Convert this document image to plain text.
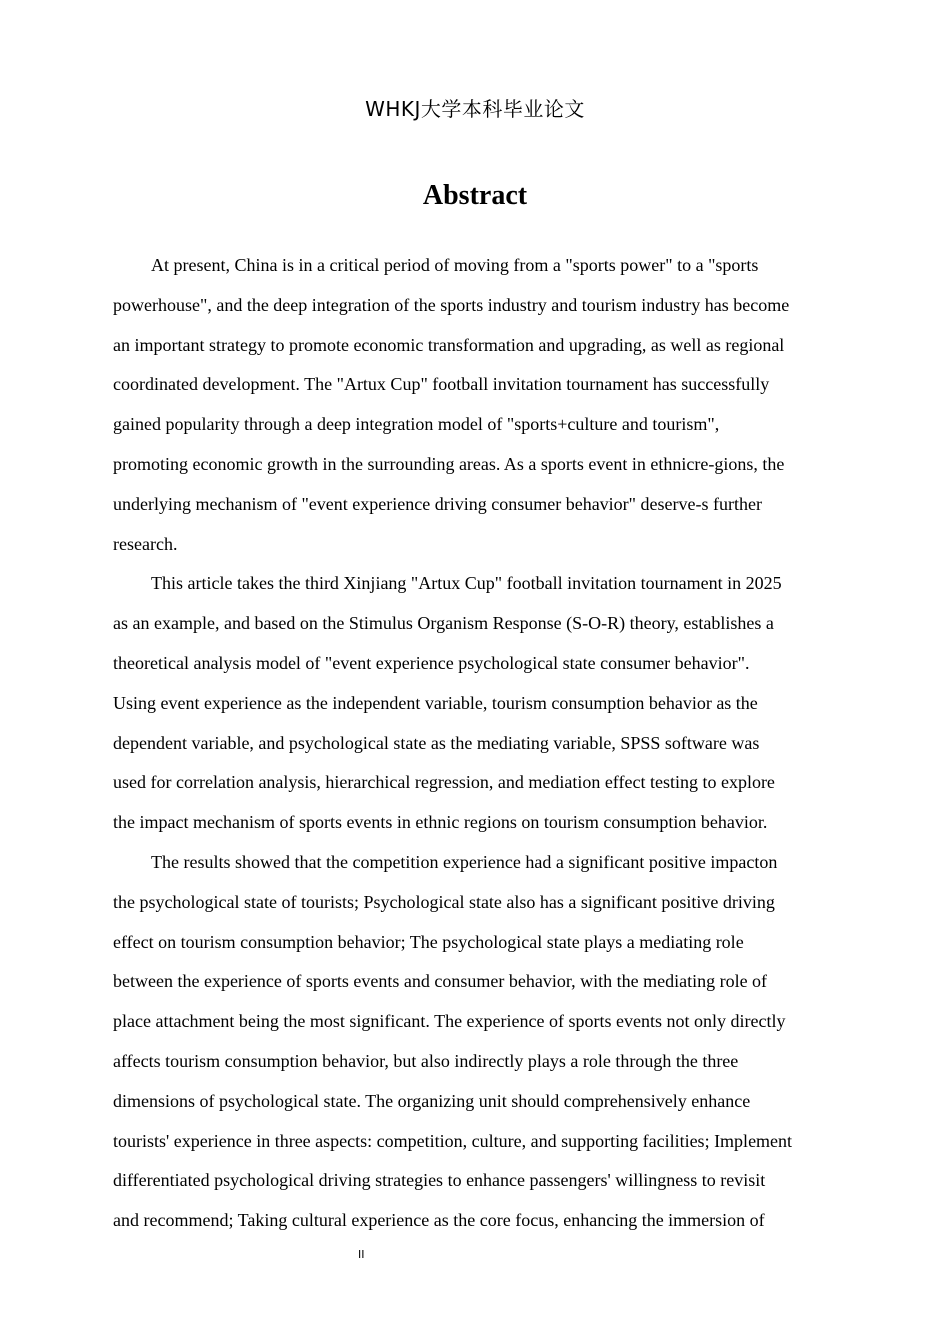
WHKJ大学本科毕业论文
Abstract

At present, China is in a critical period of moving from a "sports power" to a "sports
powerhouse", and the deep integration of the sports industry and tourism industry has become
an important strategy to promote economic transformation and upgrading, as well as regional
coordinated development. The "Artux Cup" football invitation tournament has successfully
gained popularity through a deep integration model of "sports+culture and tourism",
promoting economic growth in the surrounding areas. As a sports event in ethnicre-gions, the
underlying mechanism of "event experience driving consumer behavior" deserve-s further
research.

This article takes the third Xinjiang "Artux Cup" football invitation tournament in 2025
as an example, and based on the Stimulus Organism Response (S-O-R) theory, establishes a
theoretical analysis model of "event experience psychological state consumer behavior".
Using event experience as the independent variable, tourism consumption behavior as the
dependent variable, and psychological state as the mediating variable, SPSS software was
used for correlation analysis, hierarchical regression, and mediation effect testing to explore
the impact mechanism of sports events in ethnic regions on tourism consumption behavior.

The results showed that the competition experience had a significant positive impacton
the psychological state of tourists; Psychological state also has a significant positive driving
effect on tourism consumption behavior; The psychological state plays a mediating role
between the experience of sports events and consumer behavior, with the mediating role of
place attachment being the most significant. The experience of sports events not only directly
affects tourism consumption behavior, but also indirectly plays a role through the three
dimensions of psychological state. The organizing unit should comprehensively enhance
tourists' experience in three aspects: competition, culture, and supporting facilities; Implement
differentiated psychological driving strategies to enhance passengers' willingness to revisit
and recommend; Taking cultural experience as the core focus, enhancing the immersion of

II
